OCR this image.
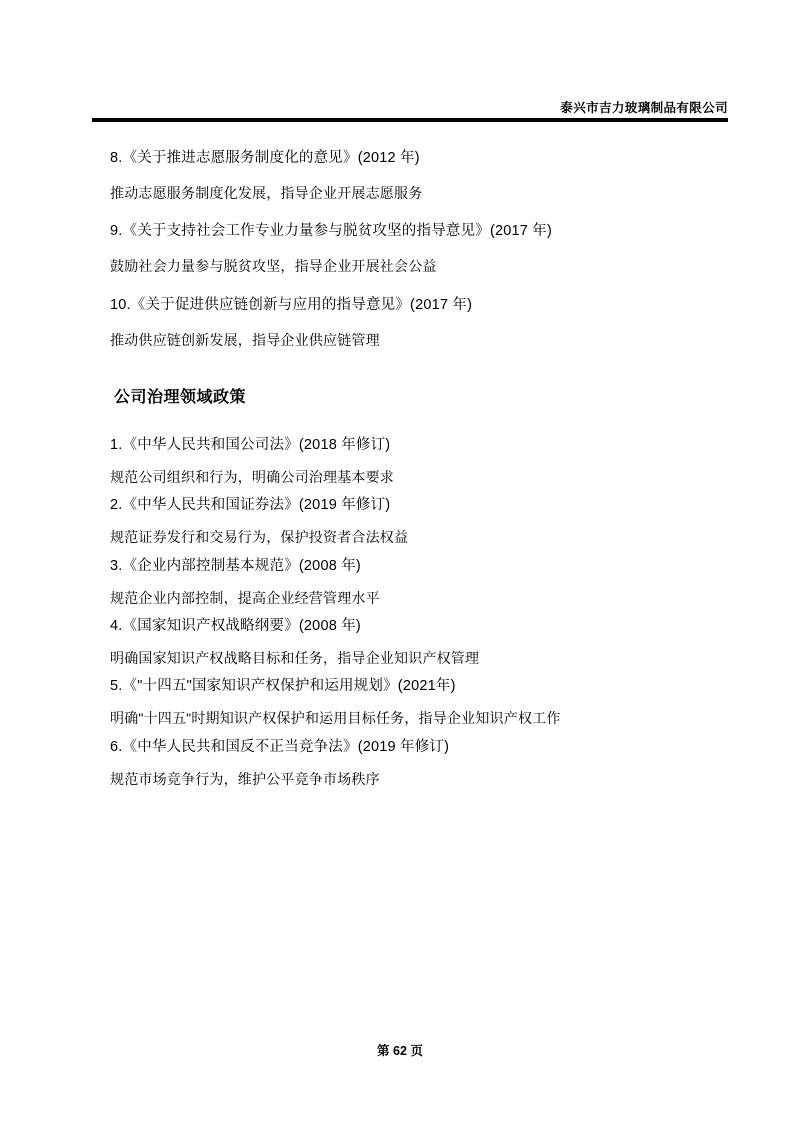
泰兴市吉力玻璃制品有限公司

8.《关于推进志愿服务制度化的意见》(2012 年)

推动志愿服务制度化发展，指导企业开展志愿服务

9.《关于支持社会工作专业力量参与脱贫攻坚的指导意见》(2017 年)

鼓励社会力量参与脱贫攻坚，指导企业开展社会公益

10.《关于促进供应链创新与应用的指导意见》(2017 年)

推动供应链创新发展，指导企业供应链管理

公司治理领域政策

1.《中华人民共和国公司法》(2018 年修订)

规范公司组织和行为，明确公司治理基本要求

2.《中华人民共和国证券法》(2019 年修订)

规范证券发行和交易行为，保护投资者合法权益

3.《企业内部控制基本规范》(2008 年)

规范企业内部控制，提高企业经营管理水平

4.《国家知识产权战略纲要》(2008 年)

明确国家知识产权战略目标和任务，指导企业知识产权管理

5.《"十四五"国家知识产权保护和运用规划》(2021年)

明确"十四五"时期知识产权保护和运用目标任务，指导企业知识产权工作

6.《中华人民共和国反不正当竞争法》(2019 年修订)

规范市场竞争行为，维护公平竞争市场秩序

第 62 页
